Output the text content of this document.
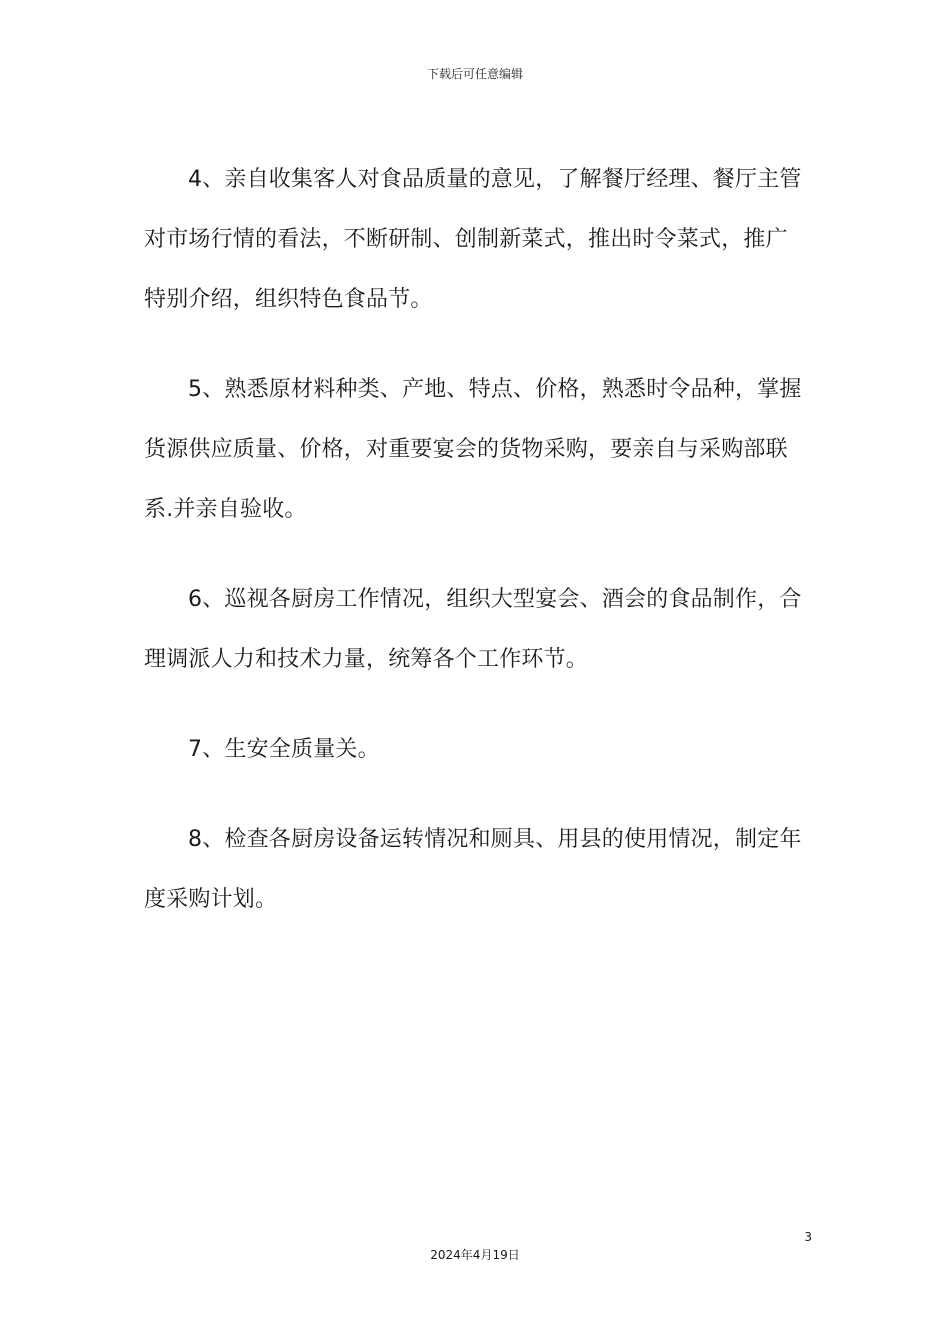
下载后可任意编辑

4、亲自收集客人对食品质量的意见，了解餐厅经理、餐厅主管对市场行情的看法，不断研制、创制新菜式，推出时令菜式，推广特别介绍，组织特色食品节。

5、熟悉原材料种类、产地、特点、价格，熟悉时令品种，掌握货源供应质量、价格，对重要宴会的货物采购，要亲自与采购部联系.并亲自验收。

6、巡视各厨房工作情况，组织大型宴会、酒会的食品制作，合理调派人力和技术力量，统筹各个工作环节。

7、生安全质量关。

8、检查各厨房设备运转情况和厕具、用县的使用情况，制定年度采购计划。

3
2024年4月19日
